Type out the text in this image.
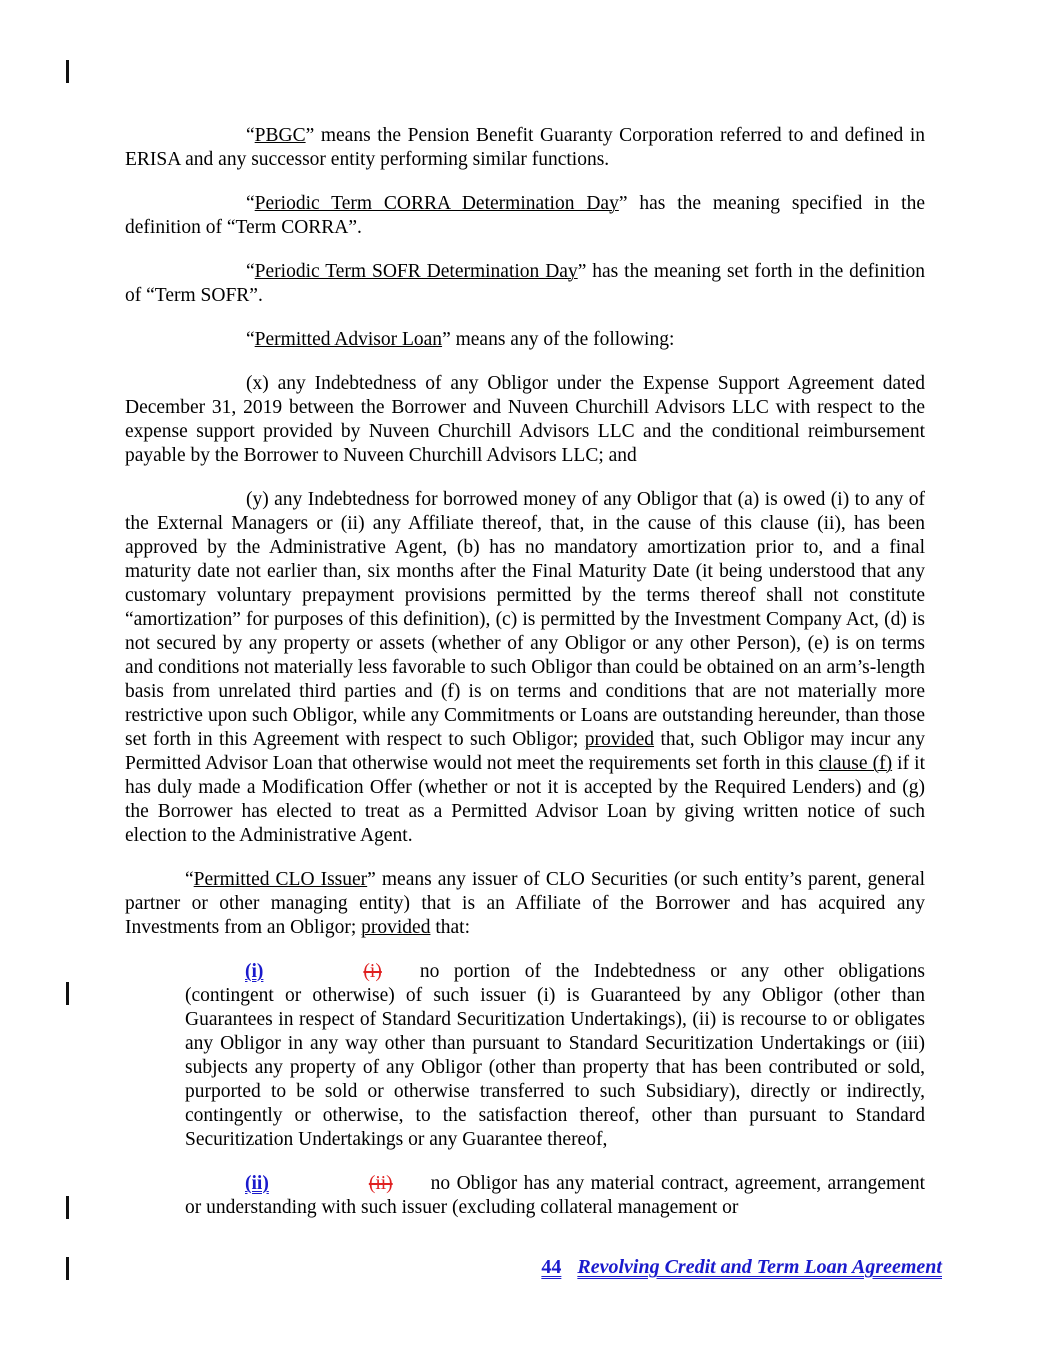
“PBGC” means the Pension Benefit Guaranty Corporation referred to and defined in ERISA and any successor entity performing similar functions.

“Periodic Term CORRA Determination Day” has the meaning specified in the definition of “Term CORRA”.

“Periodic Term SOFR Determination Day” has the meaning set forth in the definition of “Term SOFR”.

“Permitted Advisor Loan” means any of the following:

(x) any Indebtedness of any Obligor under the Expense Support Agreement dated December 31, 2019 between the Borrower and Nuveen Churchill Advisors LLC with respect to the expense support provided by Nuveen Churchill Advisors LLC and the conditional reimbursement payable by the Borrower to Nuveen Churchill Advisors LLC; and

(y) any Indebtedness for borrowed money of any Obligor that (a) is owed (i) to any of the External Managers or (ii) any Affiliate thereof, that, in the cause of this clause (ii), has been approved by the Administrative Agent, (b) has no mandatory amortization prior to, and a final maturity date not earlier than, six months after the Final Maturity Date (it being understood that any customary voluntary prepayment provisions permitted by the terms thereof shall not constitute “amortization” for purposes of this definition), (c) is permitted by the Investment Company Act, (d) is not secured by any property or assets (whether of any Obligor or any other Person), (e) is on terms and conditions not materially less favorable to such Obligor than could be obtained on an arm’s-length basis from unrelated third parties and (f) is on terms and conditions that are not materially more restrictive upon such Obligor, while any Commitments or Loans are outstanding hereunder, than those set forth in this Agreement with respect to such Obligor; provided that, such Obligor may incur any Permitted Advisor Loan that otherwise would not meet the requirements set forth in this clause (f) if it has duly made a Modification Offer (whether or not it is accepted by the Required Lenders) and (g) the Borrower has elected to treat as a Permitted Advisor Loan by giving written notice of such election to the Administrative Agent.

“Permitted CLO Issuer” means any issuer of CLO Securities (or such entity’s parent, general partner or other managing entity) that is an Affiliate of the Borrower and has acquired any Investments from an Obligor; provided that:

(i)	(i) no portion of the Indebtedness or any other obligations (contingent or otherwise) of such issuer (i) is Guaranteed by any Obligor (other than Guarantees in respect of Standard Securitization Undertakings), (ii) is recourse to or obligates any Obligor in any way other than pursuant to Standard Securitization Undertakings or (iii) subjects any property of any Obligor (other than property that has been contributed or sold, purported to be sold or otherwise transferred to such Subsidiary), directly or indirectly, contingently or otherwise, to the satisfaction thereof, other than pursuant to Standard Securitization Undertakings or any Guarantee thereof,

(ii)	(ii) no Obligor has any material contract, agreement, arrangement or understanding with such issuer (excluding collateral management or

44 Revolving Credit and Term Loan Agreement
